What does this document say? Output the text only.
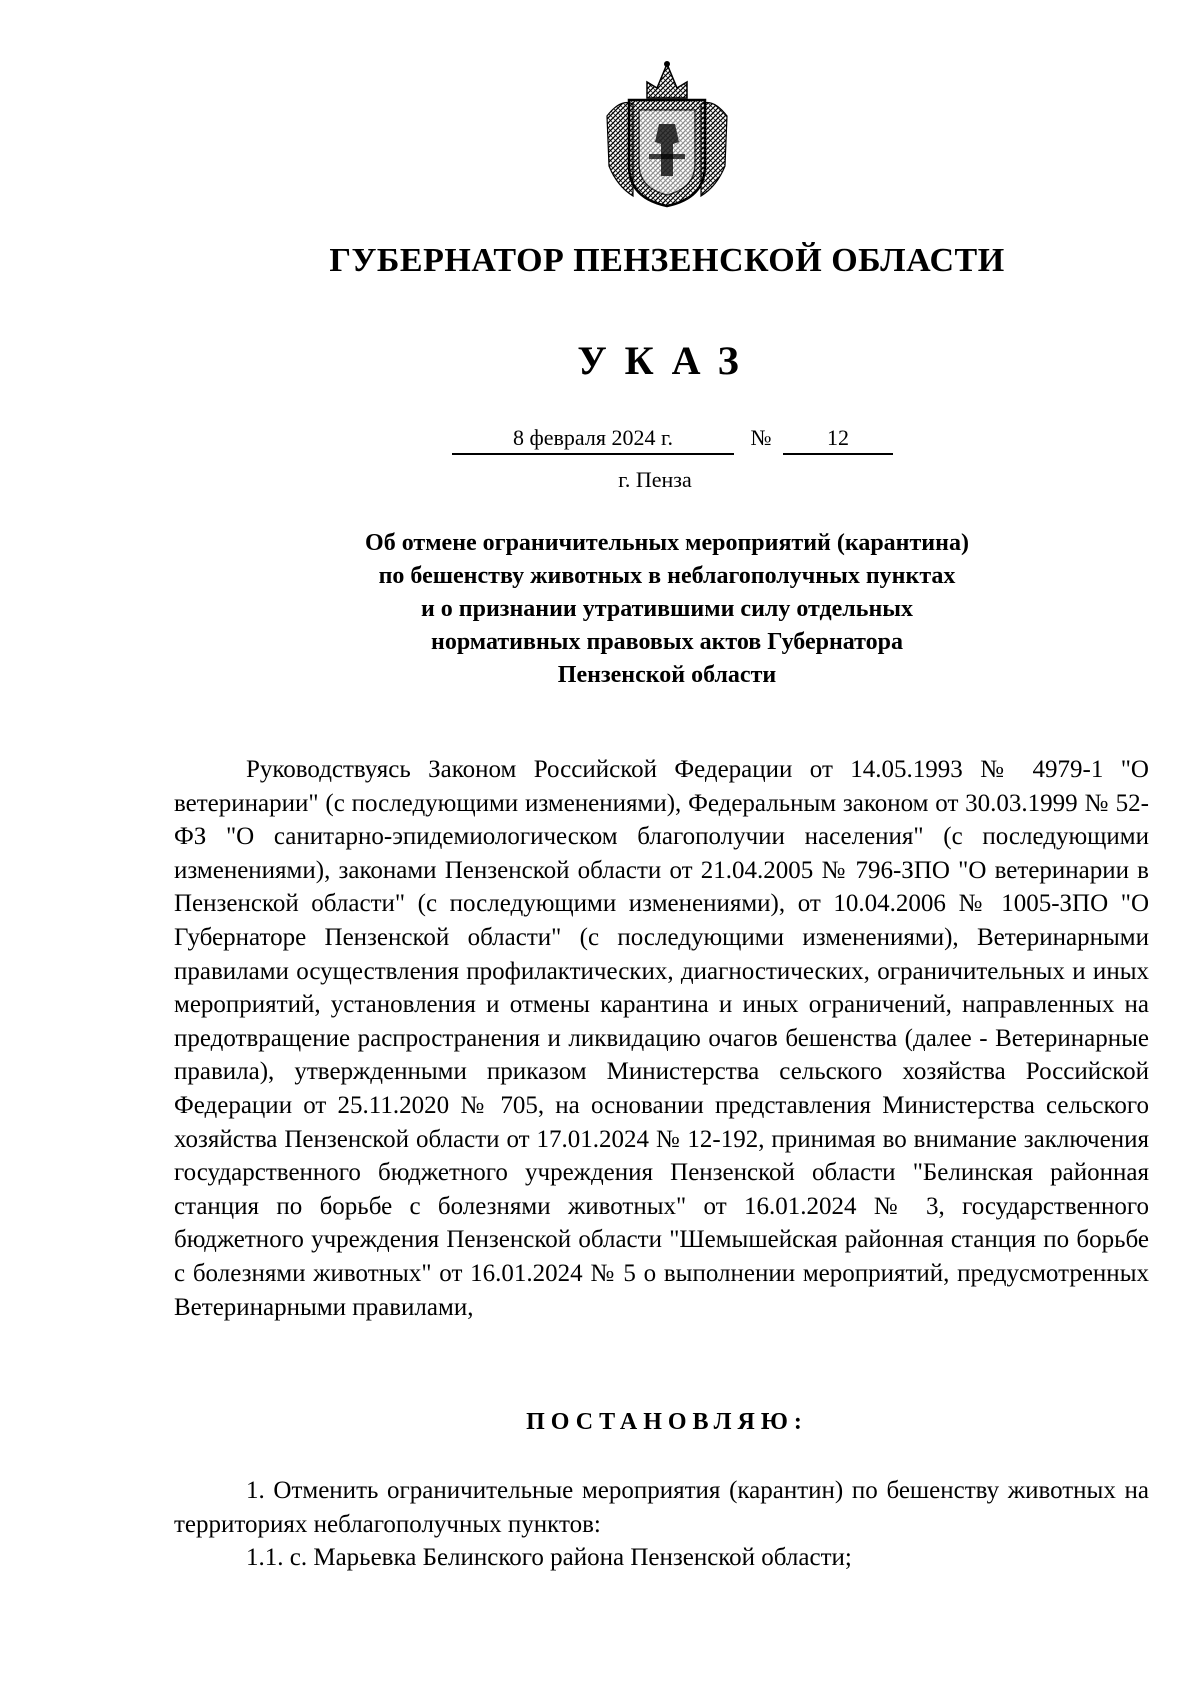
ГУБЕРНАТОР ПЕНЗЕНСКОЙ ОБЛАСТИ
УКАЗ
8 февраля 2024 г.	№	12
г. Пенза
Об отмене ограничительных мероприятий (карантина)
по бешенству животных в неблагополучных пунктах
и о признании утратившими силу отдельных
нормативных правовых актов Губернатора
Пензенской области

Руководствуясь Законом Российской Федерации от 14.05.1993 № 4979-1 "О ветеринарии" (с последующими изменениями), Федеральным законом от 30.03.1999 № 52-ФЗ "О санитарно-эпидемиологическом благополучии населения" (с последующими изменениями), законами Пензенской области от 21.04.2005 № 796-ЗПО "О ветеринарии в Пензенской области" (с последующими изменениями), от 10.04.2006 № 1005-ЗПО "О Губернаторе Пензенской области" (с последующими изменениями), Ветеринарными правилами осуществления профилактических, диагностических, ограничительных и иных мероприятий, установления и отмены карантина и иных ограничений, направленных на предотвращение распространения и ликвидацию очагов бешенства (далее - Ветеринарные правила), утвержденными приказом Министерства сельского хозяйства Российской Федерации от 25.11.2020 № 705, на основании представления Министерства сельского хозяйства Пензенской области от 17.01.2024 № 12-192, принимая во внимание заключения государственного бюджетного учреждения Пензенской области "Белинская районная станция по борьбе с болезнями животных" от 16.01.2024 № 3, государственного бюджетного учреждения Пензенской области "Шемышейская районная станция по борьбе с болезнями животных" от 16.01.2024 № 5 о выполнении мероприятий, предусмотренных Ветеринарными правилами,

ПОСТАНОВЛЯЮ:

1. Отменить ограничительные мероприятия (карантин) по бешенству животных на территориях неблагополучных пунктов:

1.1. с. Марьевка Белинского района Пензенской области;
